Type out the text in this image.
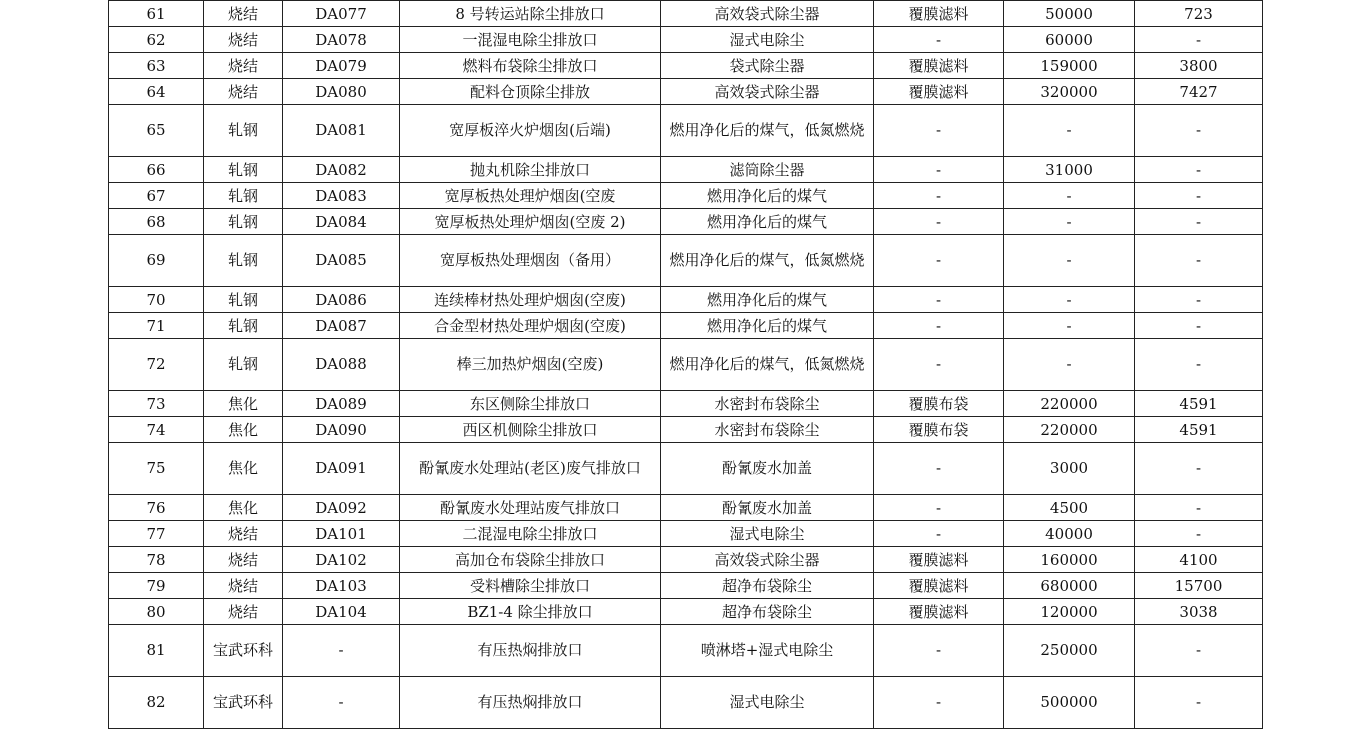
61	烧结	DA077	8 号转运站除尘排放口	高效袋式除尘器	覆膜滤料	50000	723
62	烧结	DA078	一混湿电除尘排放口	湿式电除尘	-	60000	-
63	烧结	DA079	燃料布袋除尘排放口	袋式除尘器	覆膜滤料	159000	3800
64	烧结	DA080	配料仓顶除尘排放	高效袋式除尘器	覆膜滤料	320000	7427
65	轧钢	DA081	宽厚板淬火炉烟囱(后端)	燃用净化后的煤气，低氮燃烧	-	-	-
66	轧钢	DA082	抛丸机除尘排放口	滤筒除尘器	-	31000	-
67	轧钢	DA083	宽厚板热处理炉烟囱(空废	燃用净化后的煤气	-	-	-
68	轧钢	DA084	宽厚板热处理炉烟囱(空废 2)	燃用净化后的煤气	-	-	-
69	轧钢	DA085	宽厚板热处理烟囱（备用）	燃用净化后的煤气，低氮燃烧	-	-	-
70	轧钢	DA086	连续棒材热处理炉烟囱(空废)	燃用净化后的煤气	-	-	-
71	轧钢	DA087	合金型材热处理炉烟囱(空废)	燃用净化后的煤气	-	-	-
72	轧钢	DA088	棒三加热炉烟囱(空废)	燃用净化后的煤气，低氮燃烧	-	-	-
73	焦化	DA089	东区侧除尘排放口	水密封布袋除尘	覆膜布袋	220000	4591
74	焦化	DA090	西区机侧除尘排放口	水密封布袋除尘	覆膜布袋	220000	4591
75	焦化	DA091	酚氰废水处理站(老区)废气排放口	酚氰废水加盖	-	3000	-
76	焦化	DA092	酚氰废水处理站废气排放口	酚氰废水加盖	-	4500	-
77	烧结	DA101	二混湿电除尘排放口	湿式电除尘	-	40000	-
78	烧结	DA102	高加仓布袋除尘排放口	高效袋式除尘器	覆膜滤料	160000	4100
79	烧结	DA103	受料槽除尘排放口	超净布袋除尘	覆膜滤料	680000	15700
80	烧结	DA104	BZ1-4 除尘排放口	超净布袋除尘	覆膜滤料	120000	3038
81	宝武环科	-	有压热焖排放口	喷淋塔+湿式电除尘	-	250000	-
82	宝武环科	-	有压热焖排放口	湿式电除尘	-	500000	-
